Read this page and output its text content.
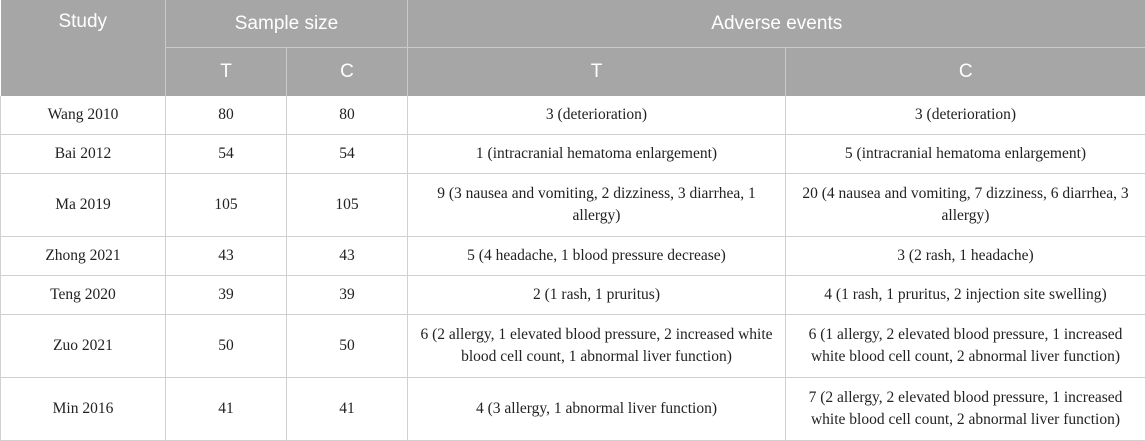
Study	Sample size		Adverse events	
	T	C	T	C
Wang 2010	80	80	3 (deterioration)	3 (deterioration)
Bai 2012	54	54	1 (intracranial hematoma enlargement)	5 (intracranial hematoma enlargement)
Ma 2019	105	105	9 (3 nausea and vomiting, 2 dizziness, 3 diarrhea, 1 allergy)	20 (4 nausea and vomiting, 7 dizziness, 6 diarrhea, 3 allergy)
Zhong 2021	43	43	5 (4 headache, 1 blood pressure decrease)	3 (2 rash, 1 headache)
Teng 2020	39	39	2 (1 rash, 1 pruritus)	4 (1 rash, 1 pruritus, 2 injection site swelling)
Zuo 2021	50	50	6 (2 allergy, 1 elevated blood pressure, 2 increased white blood cell count, 1 abnormal liver function)	6 (1 allergy, 2 elevated blood pressure, 1 increased white blood cell count, 2 abnormal liver function)
Min 2016	41	41	4 (3 allergy, 1 abnormal liver function)	7 (2 allergy, 2 elevated blood pressure, 1 increased white blood cell count, 2 abnormal liver function)
